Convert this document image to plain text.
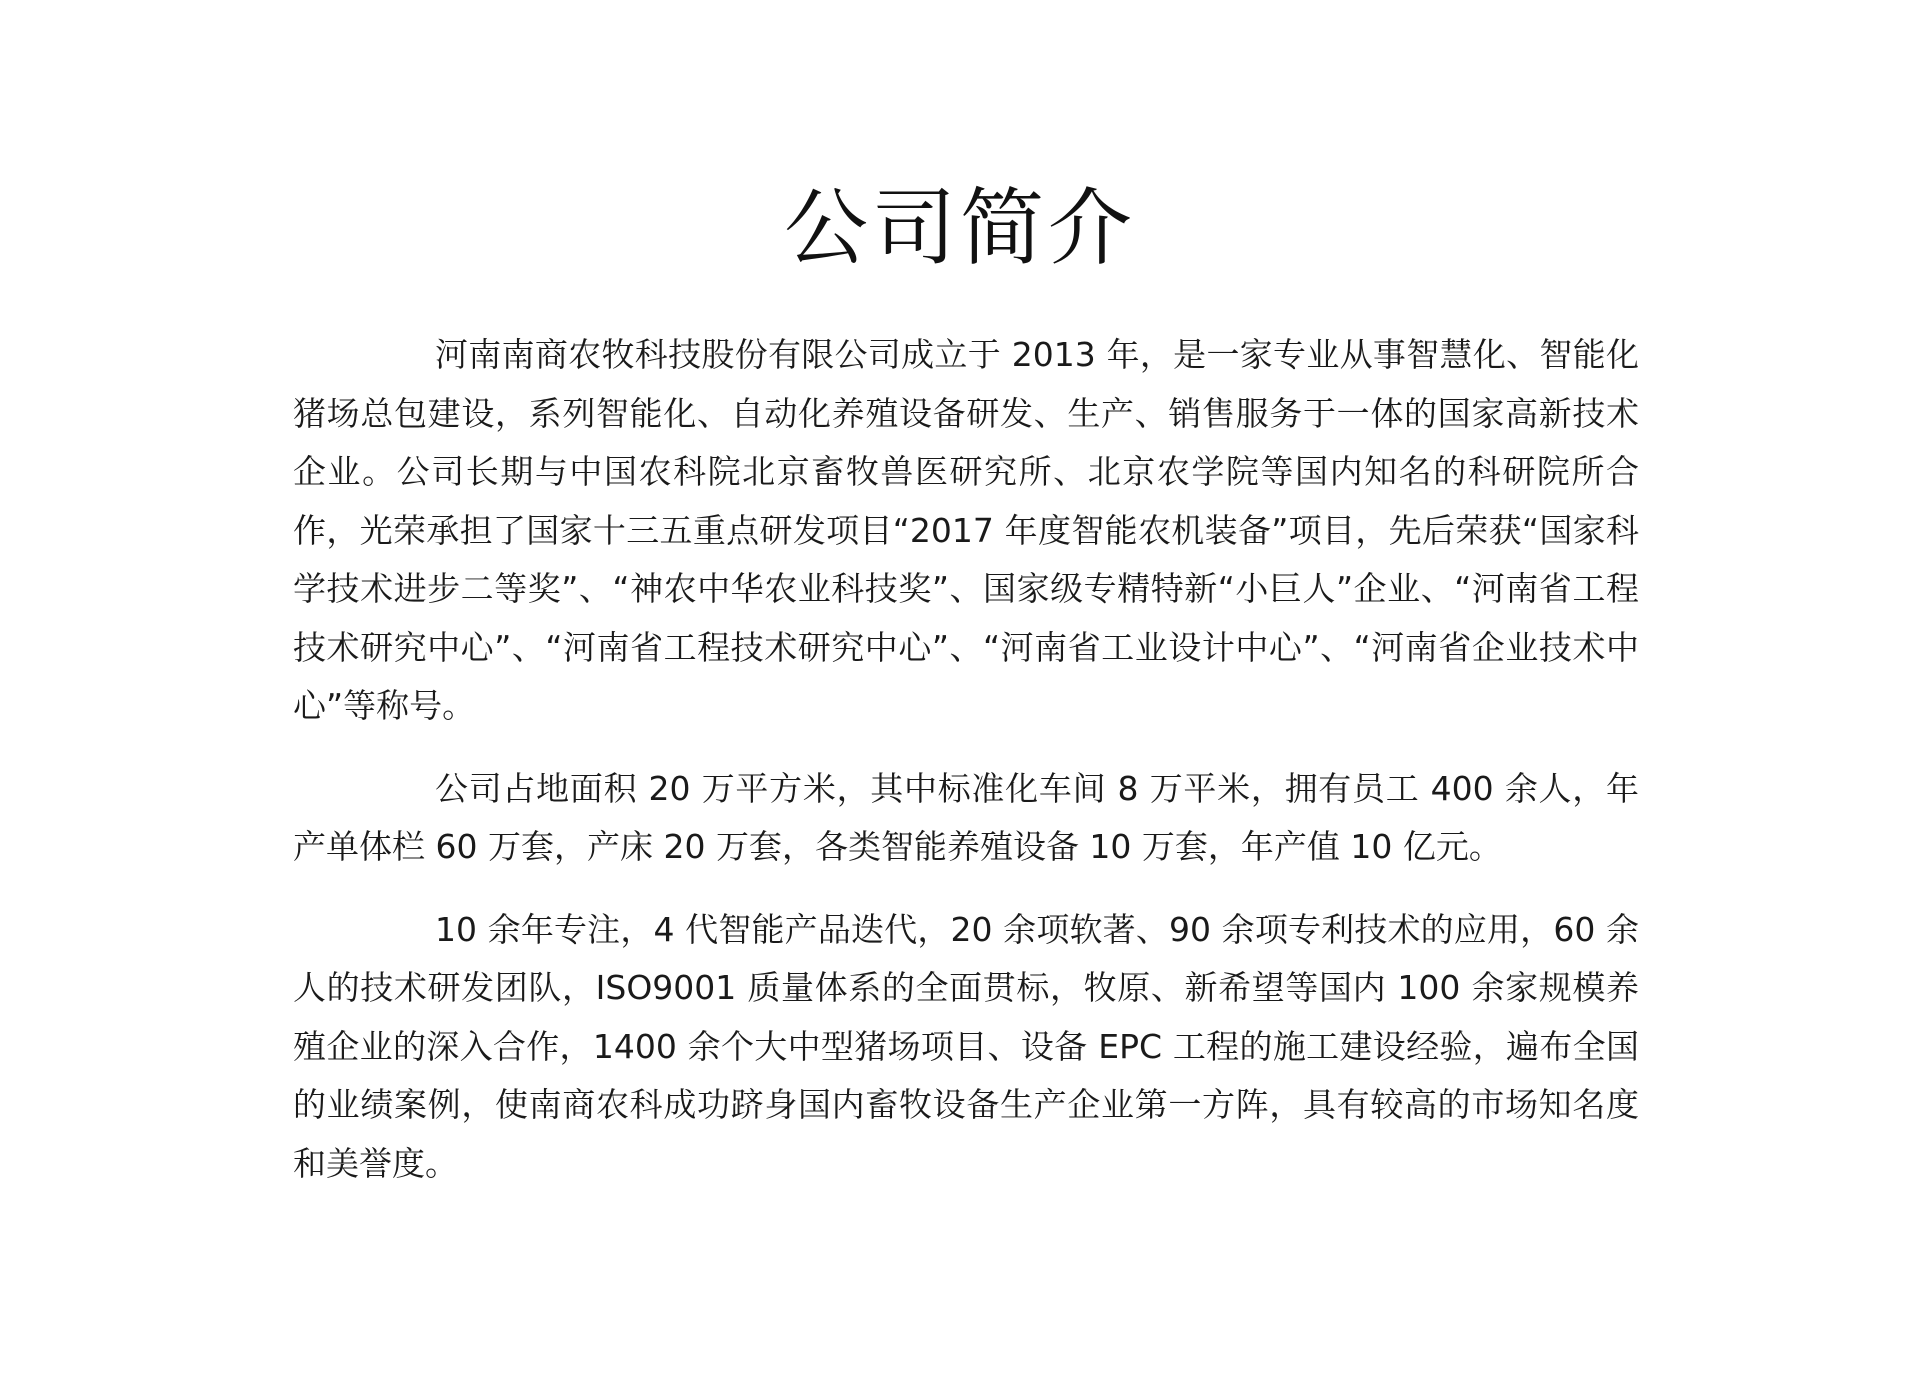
公司简介

河南南商农牧科技股份有限公司成立于 2013 年，是一家专业从事智慧化、智能化猪场总包建设，系列智能化、自动化养殖设备研发、生产、销售服务于一体的国家高新技术企业。公司长期与中国农科院北京畜牧兽医研究所、北京农学院等国内知名的科研院所合作，光荣承担了国家十三五重点研发项目“2017 年度智能农机装备”项目，先后荣获“国家科学技术进步二等奖”、“神农中华农业科技奖”、国家级专精特新“小巨人”企业、“河南省工程技术研究中心”、“河南省工程技术研究中心”、“河南省工业设计中心”、“河南省企业技术中心”等称号。

公司占地面积 20 万平方米，其中标准化车间 8 万平米，拥有员工 400 余人，年产单体栏 60 万套，产床 20 万套，各类智能养殖设备 10 万套，年产值 10 亿元。

10 余年专注，4 代智能产品迭代，20 余项软著、90 余项专利技术的应用，60 余人的技术研发团队，ISO9001 质量体系的全面贯标，牧原、新希望等国内 100 余家规模养殖企业的深入合作，1400 余个大中型猪场项目、设备 EPC 工程的施工建设经验，遍布全国的业绩案例，使南商农科成功跻身国内畜牧设备生产企业第一方阵，具有较高的市场知名度和美誉度。
